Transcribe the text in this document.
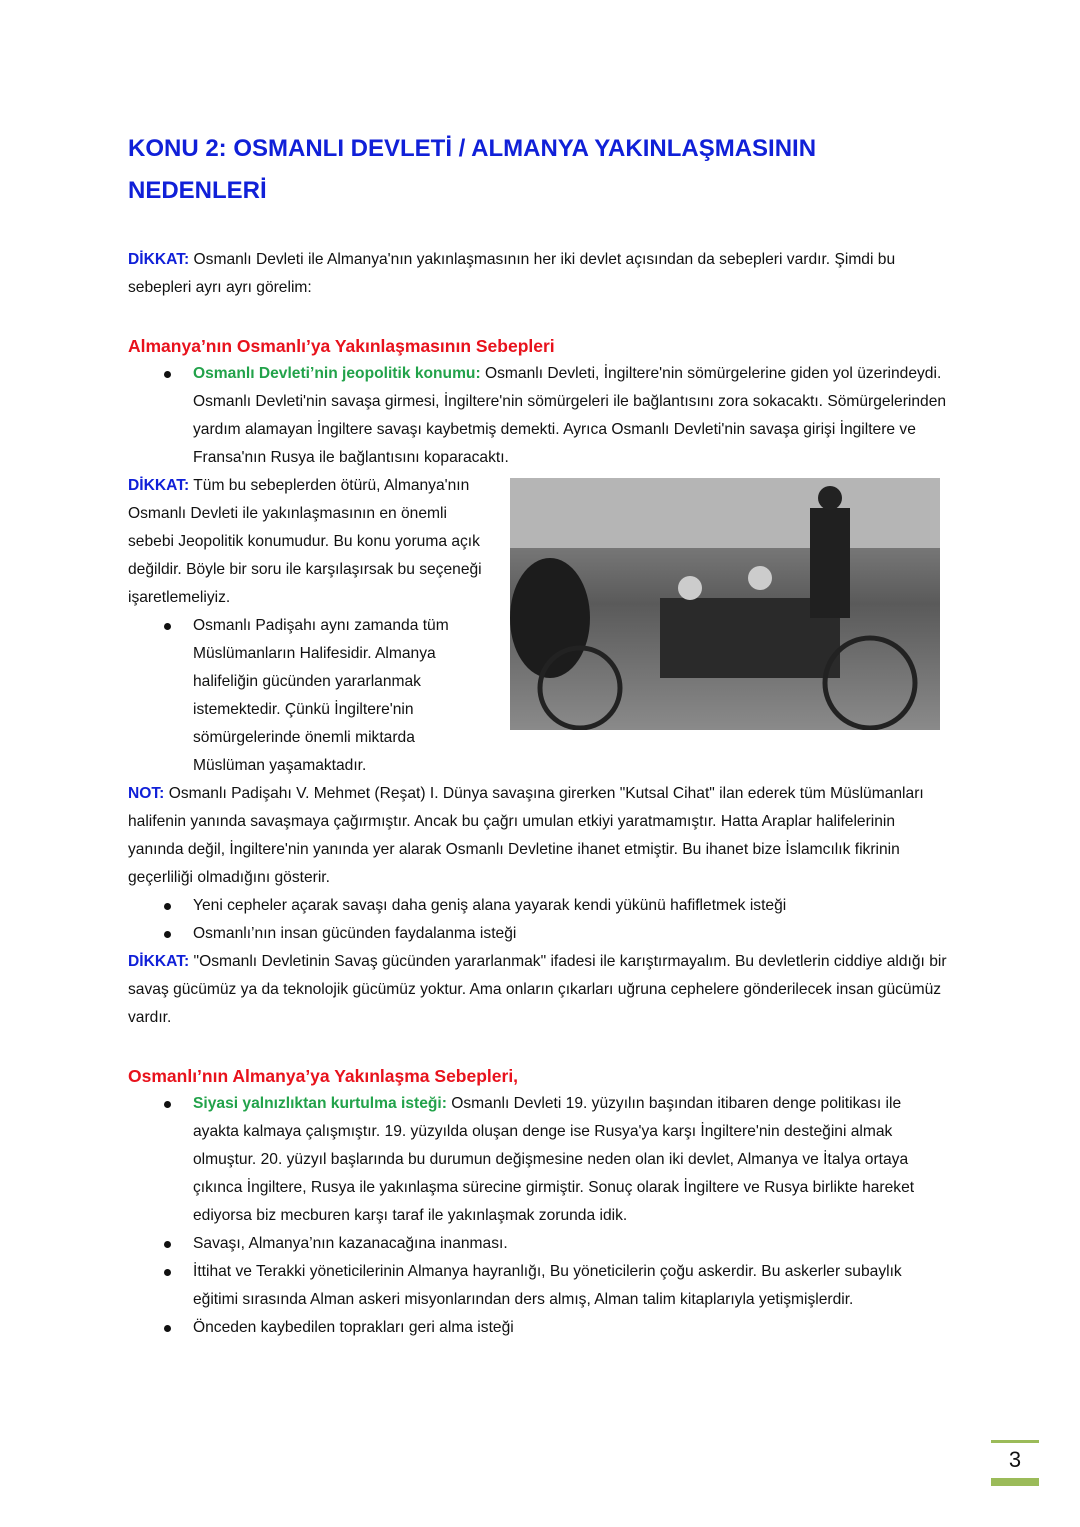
KONU 2: OSMANLI DEVLETİ / ALMANYA YAKINLAŞMASININ NEDENLERİ

DİKKAT: Osmanlı Devleti ile Almanya'nın yakınlaşmasının her iki devlet açısından da sebepleri vardır. Şimdi bu sebepleri ayrı ayrı görelim:

Almanya’nın Osmanlı’ya Yakınlaşmasının Sebepleri

Osmanlı Devleti’nin jeopolitik konumu: Osmanlı Devleti, İngiltere'nin sömürgelerine giden yol üzerindeydi. Osmanlı Devleti'nin savaşa girmesi, İngiltere'nin sömürgeleri ile bağlantısını zora sokacaktı. Sömürgelerinden yardım alamayan İngiltere savaşı kaybetmiş demekti. Ayrıca Osmanlı Devleti'nin savaşa girişi İngiltere ve Fransa'nın Rusya ile bağlantısını koparacaktı.

DİKKAT: Tüm bu sebeplerden ötürü, Almanya'nın Osmanlı Devleti ile yakınlaşmasının en önemli sebebi Jeopolitik konumudur. Bu konu yoruma açık değildir. Böyle bir soru ile karşılaşırsak bu seçeneği işaretlemeliyiz.

Osmanlı Padişahı aynı zamanda tüm Müslümanların Halifesidir. Almanya halifeliğin gücünden yararlanmak istemektedir. Çünkü İngiltere'nin sömürgelerinde önemli miktarda Müslüman yaşamaktadır.

NOT: Osmanlı Padişahı V. Mehmet (Reşat) I. Dünya savaşına girerken "Kutsal Cihat" ilan ederek tüm Müslümanları halifenin yanında savaşmaya çağırmıştır. Ancak bu çağrı umulan etkiyi yaratmamıştır. Hatta Araplar halifelerinin yanında değil, İngiltere'nin yanında yer alarak Osmanlı Devletine ihanet etmiştir. Bu ihanet bize İslamcılık fikrinin geçerliliği olmadığını gösterir.

Yeni cepheler açarak savaşı daha geniş alana yayarak kendi yükünü hafifletmek isteği
Osmanlı’nın insan gücünden faydalanma isteği

DİKKAT: "Osmanlı Devletinin Savaş gücünden yararlanmak" ifadesi ile karıştırmayalım. Bu devletlerin ciddiye aldığı bir savaş gücümüz ya da teknolojik gücümüz yoktur. Ama onların çıkarları uğruna cephelere gönderilecek insan gücümüz vardır.

Osmanlı’nın Almanya’ya Yakınlaşma Sebepleri,

Siyasi yalnızlıktan kurtulma isteği: Osmanlı Devleti 19. yüzyılın başından itibaren denge politikası ile ayakta kalmaya çalışmıştır. 19. yüzyılda oluşan denge ise Rusya'ya karşı İngiltere'nin desteğini almak olmuştur. 20. yüzyıl başlarında bu durumun değişmesine neden olan iki devlet, Almanya ve İtalya ortaya çıkınca İngiltere, Rusya ile yakınlaşma sürecine girmiştir. Sonuç olarak İngiltere ve Rusya birlikte hareket ediyorsa biz mecburen karşı taraf ile yakınlaşmak zorunda idik.
Savaşı, Almanya’nın kazanacağına inanması.
İttihat ve Terakki yöneticilerinin Almanya hayranlığı, Bu yöneticilerin çoğu askerdir. Bu askerler subaylık eğitimi sırasında Alman askeri misyonlarından ders almış, Alman talim kitaplarıyla yetişmişlerdir.
Önceden kaybedilen toprakları geri alma isteği
3
